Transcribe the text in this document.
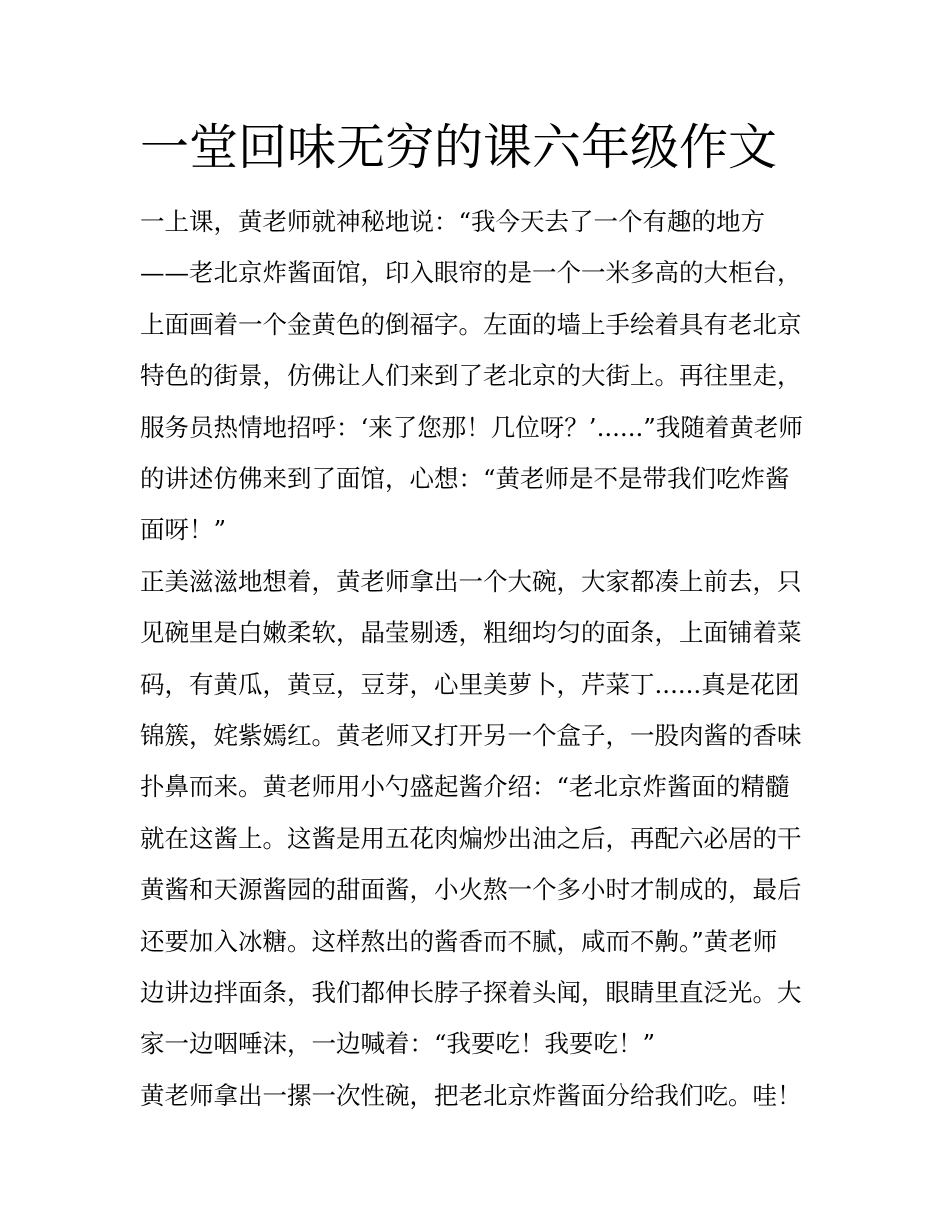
一堂回味无穷的课六年级作文

一上课，黄老师就神秘地说：“我今天去了一个有趣的地方

——老北京炸酱面馆，印入眼帘的是一个一米多高的大柜台，

上面画着一个金黄色的倒福字。左面的墙上手绘着具有老北京

特色的街景，仿佛让人们来到了老北京的大街上。再往里走，

服务员热情地招呼：‘来了您那！几位呀？’......”我随着黄老师

的讲述仿佛来到了面馆，心想：“黄老师是不是带我们吃炸酱

面呀！”

正美滋滋地想着，黄老师拿出一个大碗，大家都凑上前去，只

见碗里是白嫩柔软，晶莹剔透，粗细均匀的面条，上面铺着菜

码，有黄瓜，黄豆，豆芽，心里美萝卜，芹菜丁......真是花团

锦簇，姹紫嫣红。黄老师又打开另一个盒子，一股肉酱的香味

扑鼻而来。黄老师用小勺盛起酱介绍：“老北京炸酱面的精髓

就在这酱上。这酱是用五花肉煸炒出油之后，再配六必居的干

黄酱和天源酱园的甜面酱，小火熬一个多小时才制成的，最后

还要加入冰糖。这样熬出的酱香而不腻，咸而不齁。”黄老师

边讲边拌面条，我们都伸长脖子探着头闻，眼睛里直泛光。大

家一边咽唾沫，一边喊着：“我要吃！我要吃！”

黄老师拿出一摞一次性碗，把老北京炸酱面分给我们吃。哇！
